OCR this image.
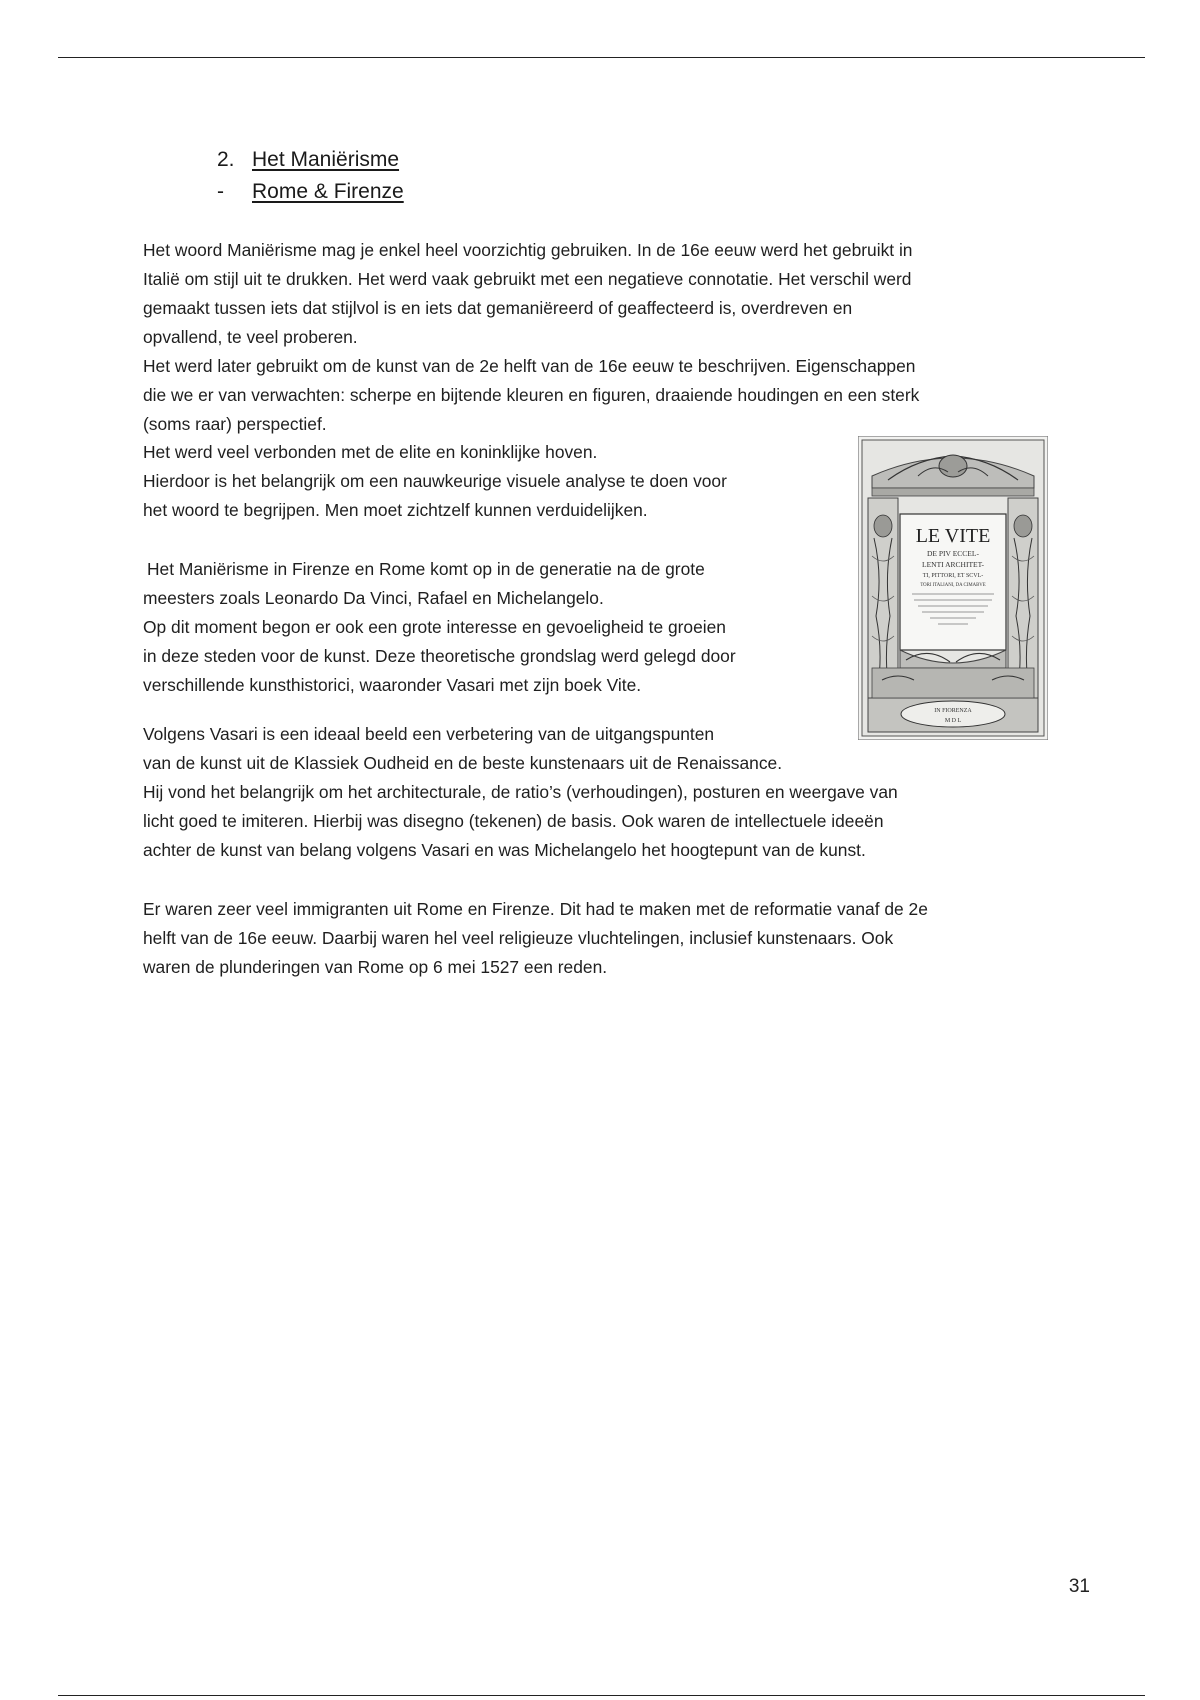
2. Het Maniërisme
-	Rome & Firenze

Het woord Maniërisme mag je enkel heel voorzichtig gebruiken. In de 16e eeuw werd het gebruikt in

Italië om stijl uit te drukken. Het werd vaak gebruikt met een negatieve connotatie. Het verschil werd

gemaakt tussen iets dat stijlvol is en iets dat gemaniëreerd of geaffecteerd is, overdreven en

opvallend, te veel proberen.

Het werd later gebruikt om de kunst van de 2e helft van de 16e eeuw te beschrijven. Eigenschappen

die we er van verwachten: scherpe en bijtende kleuren en figuren, draaiende houdingen en een sterk

(soms raar) perspectief.

Het werd veel verbonden met de elite en koninklijke hoven.

Hierdoor is het belangrijk om een nauwkeurige visuele analyse te doen voor

het woord te begrijpen. Men moet zichtzelf kunnen verduidelijken.

Het Maniërisme in Firenze en Rome komt op in de generatie na de grote

meesters zoals Leonardo Da Vinci, Rafael en Michelangelo.

Op dit moment begon er ook een grote interesse en gevoeligheid te groeien

in deze steden voor de kunst. Deze theoretische grondslag werd gelegd door

verschillende kunsthistorici, waaronder Vasari met zijn boek Vite.

Volgens Vasari is een ideaal beeld een verbetering van de uitgangspunten

van de kunst uit de Klassiek Oudheid en de beste kunstenaars uit de Renaissance.

Hij vond het belangrijk om het architecturale, de ratio’s (verhoudingen), posturen en weergave van

licht goed te imiteren. Hierbij was disegno (tekenen) de basis. Ook waren de intellectuele ideeën

achter de kunst van belang volgens Vasari en was Michelangelo het hoogtepunt van de kunst.

Er waren zeer veel immigranten uit Rome en Firenze. Dit had te maken met de reformatie vanaf de 2e

helft van de 16e eeuw. Daarbij waren hel veel religieuze vluchtelingen, inclusief kunstenaars. Ook

waren de plunderingen van Rome op 6 mei 1527 een reden.

LE VITE
DE PIV ECCEL-
LENTI ARCHITET-
TI, PITTORI, ET SCVL-
TORI ITALIANI, DA CIMABVE
IN FIORENZA
M D L
31
